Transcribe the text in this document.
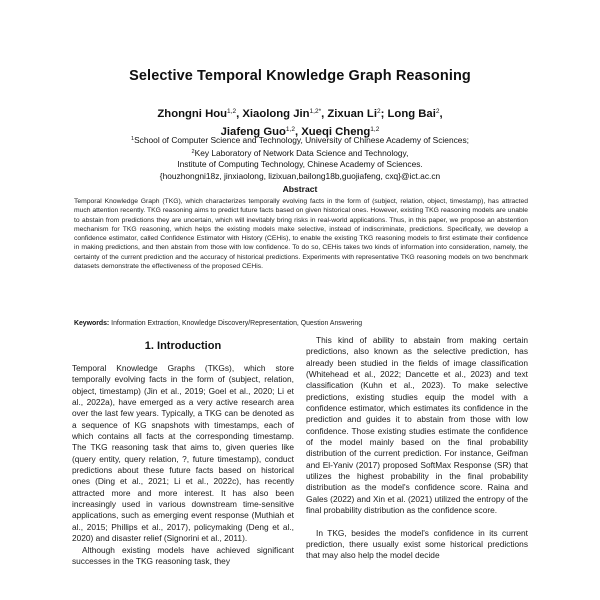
Selective Temporal Knowledge Graph Reasoning
Zhongni Hou$^{1,2}$, Xiaolong Jin$^{1,2*}$, Zixuan Li$^2$; Long Bai$^2$,
Jiafeng Guo$^{1,2}$, Xueqi Cheng$^{1,2}$
$^1$School of Computer Science and Technology, University of Chinese Academy of Sciences;
$^2$Key Laboratory of Network Data Science and Technology,
Institute of Computing Technology, Chinese Academy of Sciences.
{houzhongni18z, jinxiaolong, lizixuan,bailong18b,guojiafeng, cxq}@ict.ac.cn
Abstract
Temporal Knowledge Graph (TKG), which characterizes temporally evolving facts in the form of (subject, relation, object, timestamp), has attracted much attention recently. TKG reasoning aims to predict future facts based on given historical ones. However, existing TKG reasoning models are unable to abstain from predictions they are uncertain, which will inevitably bring risks in real-world applications. Thus, in this paper, we propose an abstention mechanism for TKG reasoning, which helps the existing models make selective, instead of indiscriminate, predictions. Specifically, we develop a confidence estimator, called Confidence Estimator with History (CEHis), to enable the existing TKG reasoning models to first estimate their confidence in making predictions, and then abstain from those with low confidence. To do so, CEHis takes two kinds of information into consideration, namely, the certainty of the current prediction and the accuracy of historical predictions. Experiments with representative TKG reasoning models on two benchmark datasets demonstrate the effectiveness of the proposed CEHis.
Keywords: Information Extraction, Knowledge Discovery/Representation, Question Answering
1. Introduction

Temporal Knowledge Graphs (TKGs), which store temporally evolving facts in the form of (subject, relation, object, timestamp) (Jin et al., 2019; Goel et al., 2020; Li et al., 2022a), have emerged as a very active research area over the last few years. Typically, a TKG can be denoted as a sequence of KG snapshots with timestamps, each of which contains all facts at the corresponding timestamp. The TKG reasoning task that aims to, given queries like (query entity, query relation, ?, future timestamp), conduct predictions about these future facts based on historical ones (Ding et al., 2021; Li et al., 2022c), has recently attracted more and more interest. It has also been increasingly used in various downstream time-sensitive applications, such as emerging event response (Muthiah et al., 2015; Phillips et al., 2017), policymaking (Deng et al., 2020) and disaster relief (Signorini et al., 2011).

Although existing models have achieved significant successes in the TKG reasoning task, they

This kind of ability to abstain from making certain predictions, also known as the selective prediction, has already been studied in the fields of image classification (Whitehead et al., 2022; Dancette et al., 2023) and text classification (Kuhn et al., 2023). To make selective predictions, existing studies equip the model with a confidence estimator, which estimates its confidence in the prediction and guides it to abstain from those with low confidence. Those existing studies estimate the confidence of the model mainly based on the final probability distribution of the current prediction. For instance, Geifman and El-Yaniv (2017) proposed SoftMax Response (SR) that utilizes the highest probability in the final probability distribution as the model's confidence score. Raina and Gales (2022) and Xin et al. (2021) utilized the entropy of the final probability distribution as the confidence score.

In TKG, besides the model's confidence in its current prediction, there usually exist some historical predictions that may also help the model decide
